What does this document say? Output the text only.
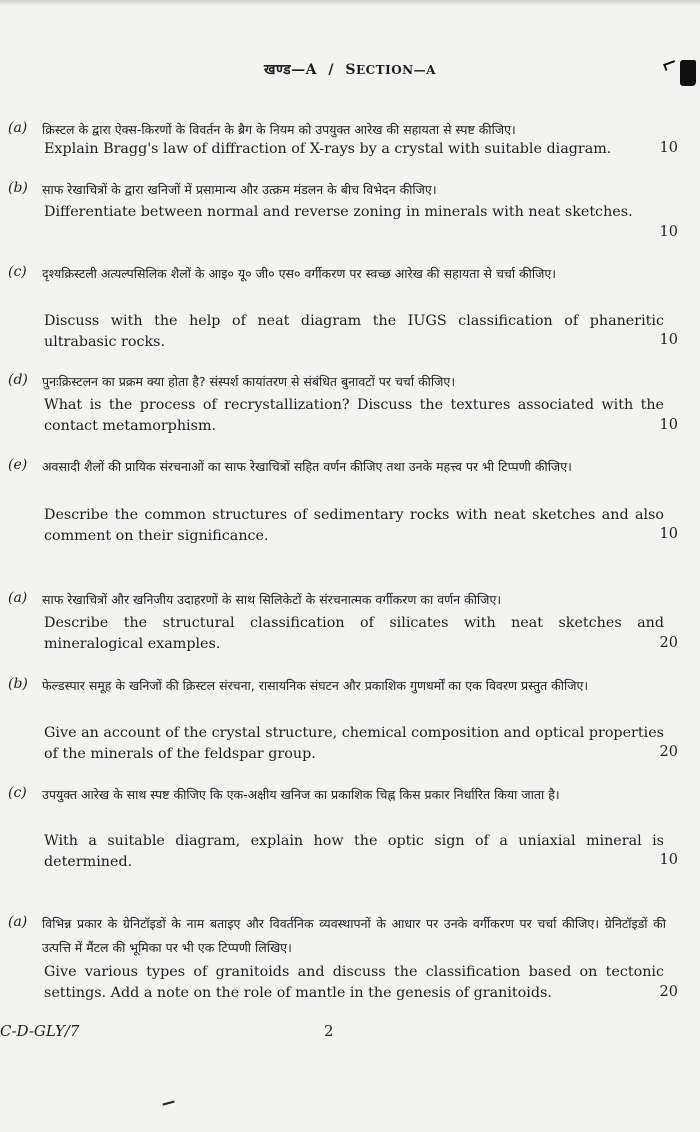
खण्ड—A / SECTION—A
(a) क्रिस्टल के द्वारा ऐक्स-किरणों के विवर्तन के ब्रैग के नियम को उपयुक्त आरेख की सहायता से स्पष्ट कीजिए।
Explain Bragg's law of diffraction of X-rays by a crystal with suitable diagram.	10
(b) साफ रेखाचित्रों के द्वारा खनिजों में प्रसामान्य और उत्क्रम मंडलन के बीच विभेदन कीजिए।
Differentiate between normal and reverse zoning in minerals with neat sketches.
10
(c) दृश्यक्रिस्टली अत्यल्पसिलिक शैलों के आइ० यू० जी० एस० वर्गीकरण पर स्वच्छ आरेख की सहायता से चर्चा कीजिए।
Discuss with the help of neat diagram the IUGS classification of phaneritic ultrabasic rocks.	10
(d) पुनःक्रिस्टलन का प्रक्रम क्या होता है? संस्पर्श कायांतरण से संबंधित बुनावटों पर चर्चा कीजिए।
What is the process of recrystallization? Discuss the textures associated with the contact metamorphism.	10
(e) अवसादी शैलों की प्रायिक संरचनाओं का साफ रेखाचित्रों सहित वर्णन कीजिए तथा उनके महत्त्व पर भी टिप्पणी कीजिए।
Describe the common structures of sedimentary rocks with neat sketches and also comment on their significance.	10
(a) साफ रेखाचित्रों और खनिजीय उदाहरणों के साथ सिलिकेटों के संरचनात्मक वर्गीकरण का वर्णन कीजिए।
Describe the structural classification of silicates with neat sketches and mineralogical examples.	20
(b) फेल्डस्पार समूह के खनिजों की क्रिस्टल संरचना, रासायनिक संघटन और प्रकाशिक गुणधर्मों का एक विवरण प्रस्तुत कीजिए।
Give an account of the crystal structure, chemical composition and optical properties of the minerals of the feldspar group.	20
(c) उपयुक्त आरेख के साथ स्पष्ट कीजिए कि एक-अक्षीय खनिज का प्रकाशिक चिह्न किस प्रकार निर्धारित किया जाता है।
With a suitable diagram, explain how the optic sign of a uniaxial mineral is determined.	10
(a) विभिन्न प्रकार के ग्रेनिटॉइडों के नाम बताइए और विवर्तनिक व्यवस्थापनों के आधार पर उनके वर्गीकरण पर चर्चा कीजिए। ग्रेनिटॉइडों की उत्पत्ति में मैंटल की भूमिका पर भी एक टिप्पणी लिखिए।
Give various types of granitoids and discuss the classification based on tectonic settings. Add a note on the role of mantle in the genesis of granitoids.	20
C-D-GLY/7	2
